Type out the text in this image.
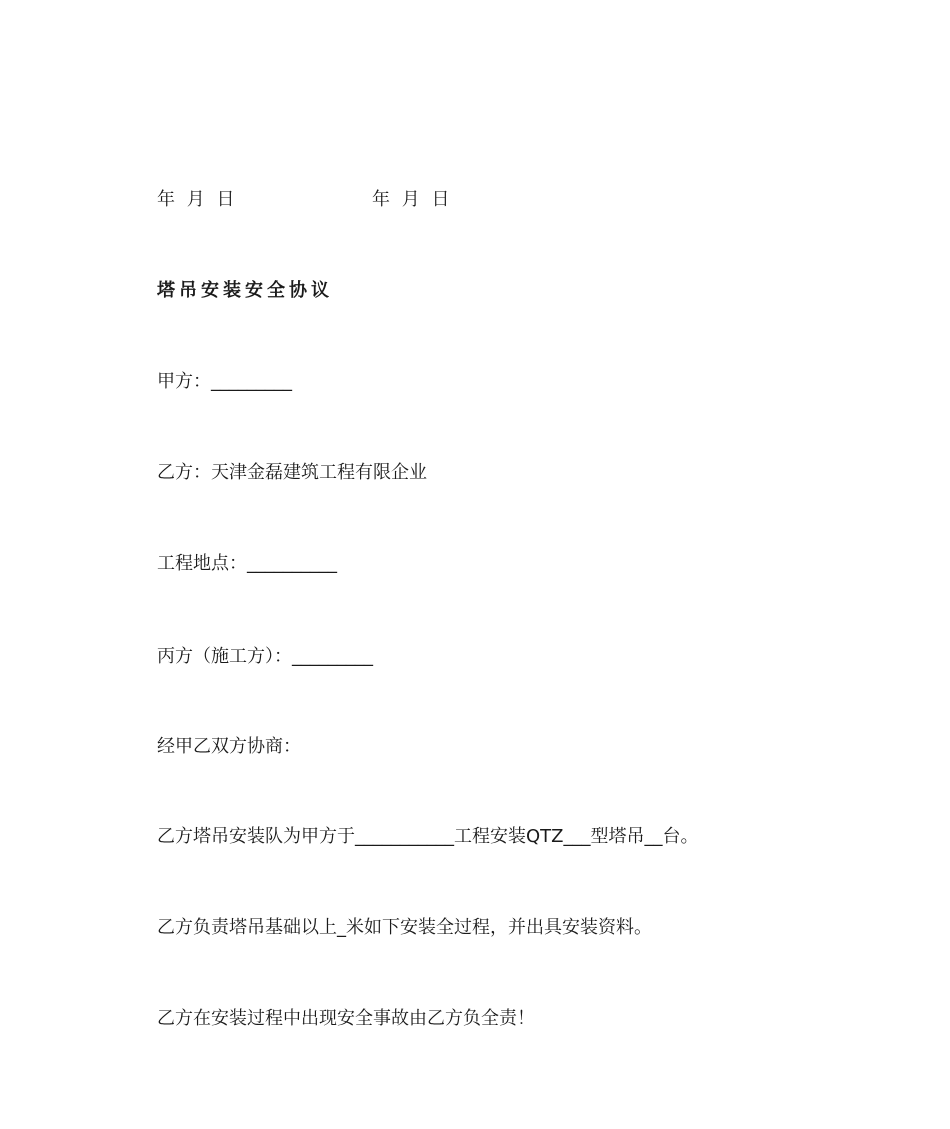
年 月 日	年 月 日
塔吊安装安全协议
甲方：_________
乙方：天津金磊建筑工程有限企业
工程地点：__________
丙方（施工方）：_________
经甲乙双方协商：
乙方塔吊安装队为甲方于___________工程安装QTZ___型塔吊__台。
乙方负责塔吊基础以上_米如下安装全过程，并出具安装资料。
乙方在安装过程中出现安全事故由乙方负全责！
